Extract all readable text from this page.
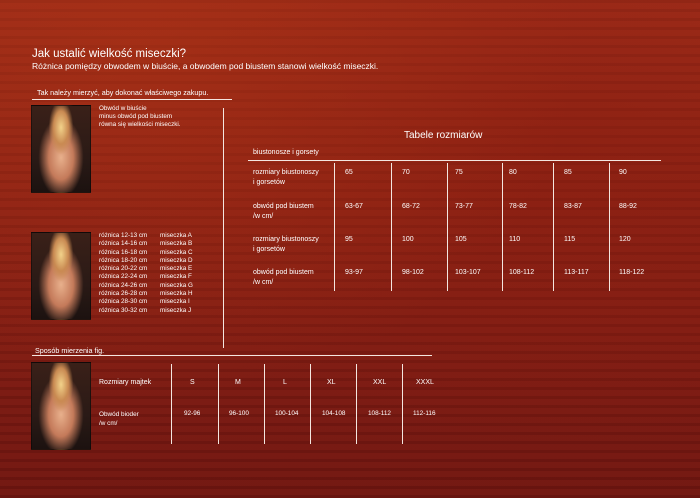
Jak ustalić wielkość miseczki?
Różnica pomiędzy obwodem w biuście, a obwodem pod biustem stanowi wielkość miseczki.
Tak należy mierzyć, aby dokonać właściwego zakupu.
Obwód w biuście
minus obwód pod biustem
równa się wielkości miseczki.
różnica 12-13 cm miseczka A
różnica 14-16 cm miseczka B
różnica 16-18 cm miseczka C
różnica 18-20 cm miseczka D
różnica 20-22 cm miseczka E
różnica 22-24 cm miseczka F
różnica 24-26 cm miseczka G
różnica 26-28 cm miseczka H
różnica 28-30 cm miseczka I
różnica 30-32 cm miseczka J
Tabele rozmiarów
biustonosze i gorsety
rozmiary biustonoszy
i gorsetów
65	70	75	80	85	90
obwód pod biustem
/w cm/
63-67	68-72	73-77	78-82	83-87	88-92
rozmiary biustonoszy
i gorsetów
95	100	105	110	115	120
obwód pod biustem
/w cm/
93-97	98-102	103-107	108-112	113-117	118-122
Sposób mierzenia fig.
Rozmiary majtek
Obwód bioder
/w cm/
S	M	L	XL	XXL	XXXL
92-96	96-100	100-104	104-108	108-112	112-116
